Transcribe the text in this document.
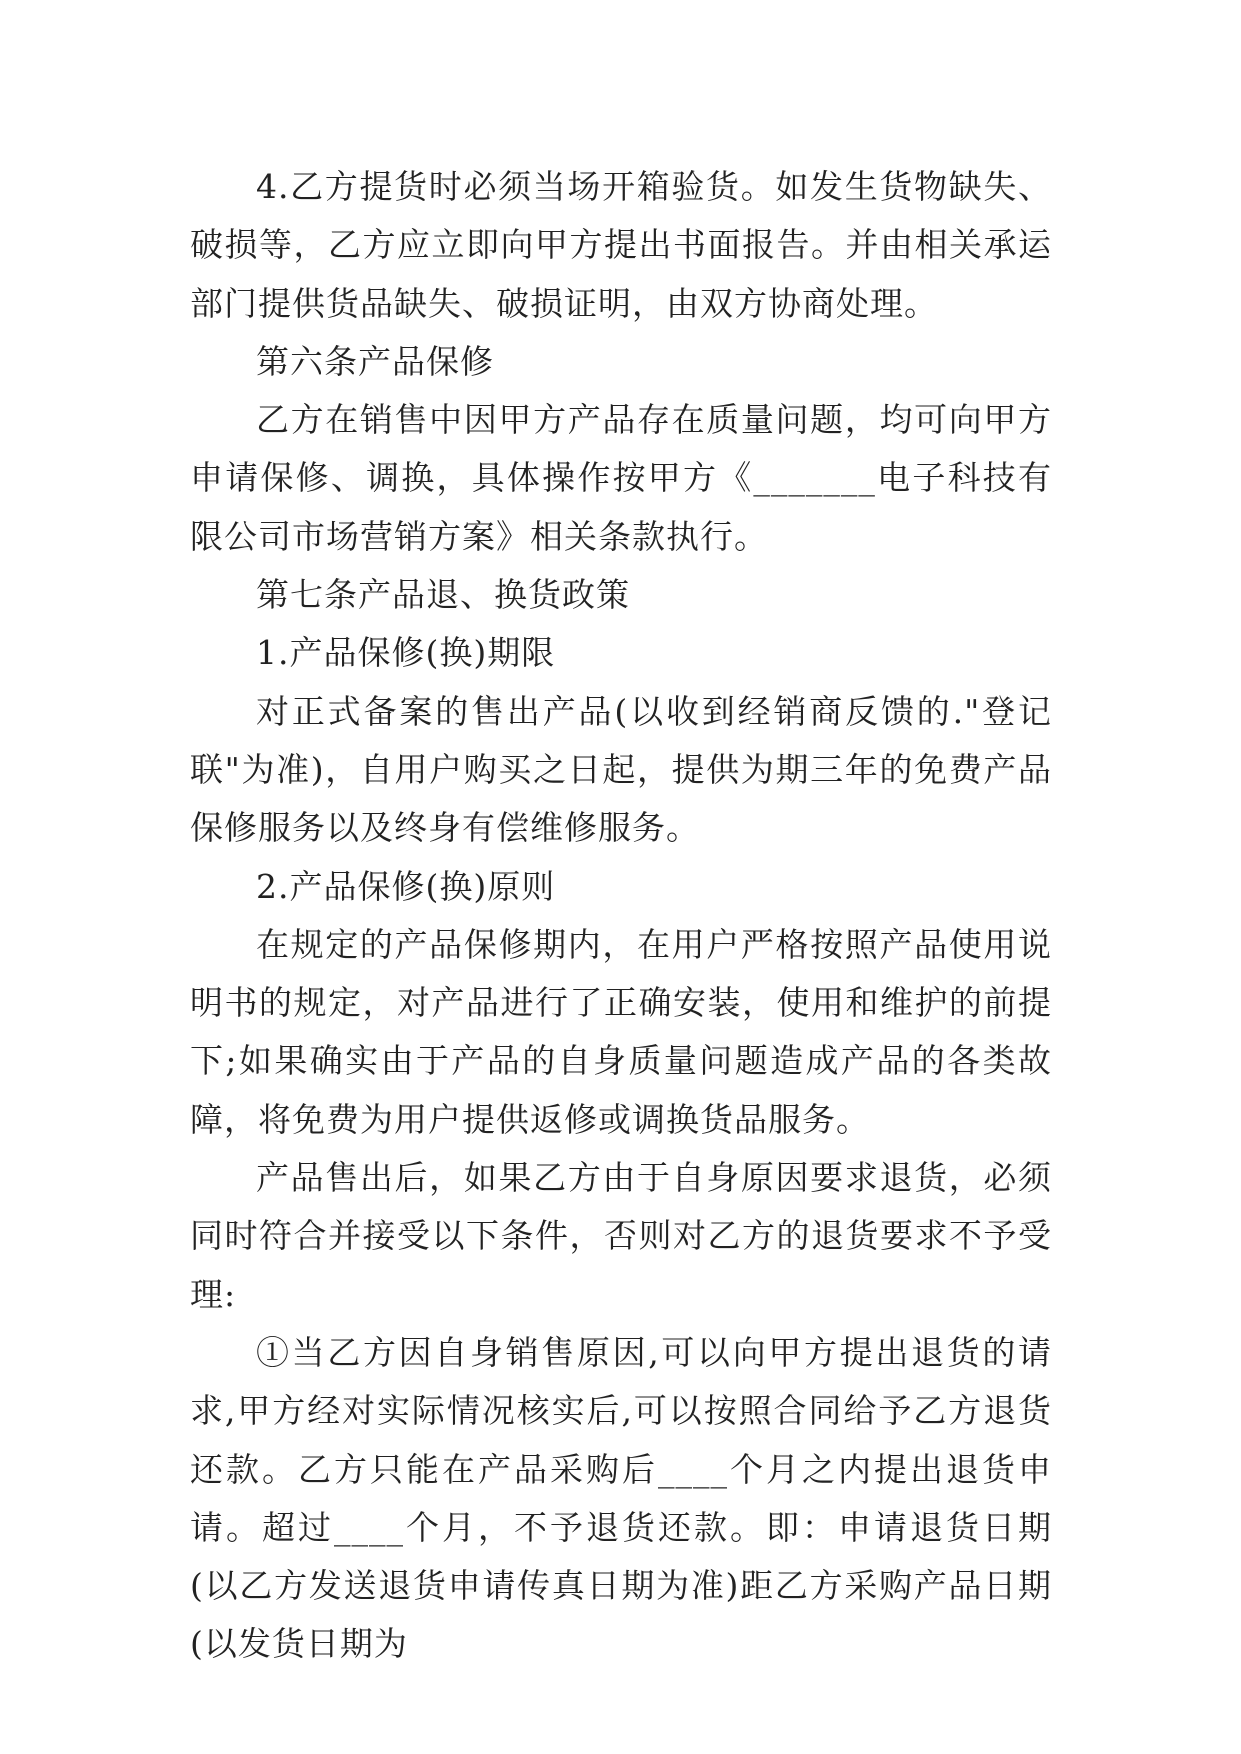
4.乙方提货时必须当场开箱验货。如发生货物缺失、破损等，乙方应立即向甲方提出书面报告。并由相关承运部门提供货品缺失、破损证明，由双方协商处理。

第六条产品保修

乙方在销售中因甲方产品存在质量问题，均可向甲方申请保修、调换，具体操作按甲方《_______电子科技有限公司市场营销方案》相关条款执行。

第七条产品退、换货政策

1.产品保修(换)期限

对正式备案的售出产品(以收到经销商反馈的."登记联"为准)，自用户购买之日起，提供为期三年的免费产品保修服务以及终身有偿维修服务。

2.产品保修(换)原则

在规定的产品保修期内，在用户严格按照产品使用说明书的规定，对产品进行了正确安装，使用和维护的前提下;如果确实由于产品的自身质量问题造成产品的各类故障，将免费为用户提供返修或调换货品服务。

产品售出后，如果乙方由于自身原因要求退货，必须同时符合并接受以下条件，否则对乙方的退货要求不予受理:

①当乙方因自身销售原因,可以向甲方提出退货的请求,甲方经对实际情况核实后,可以按照合同给予乙方退货还款。乙方只能在产品采购后____个月之内提出退货申请。超过____个月，不予退货还款。即：申请退货日期(以乙方发送退货申请传真日期为准)距乙方采购产品日期(以发货日期为
